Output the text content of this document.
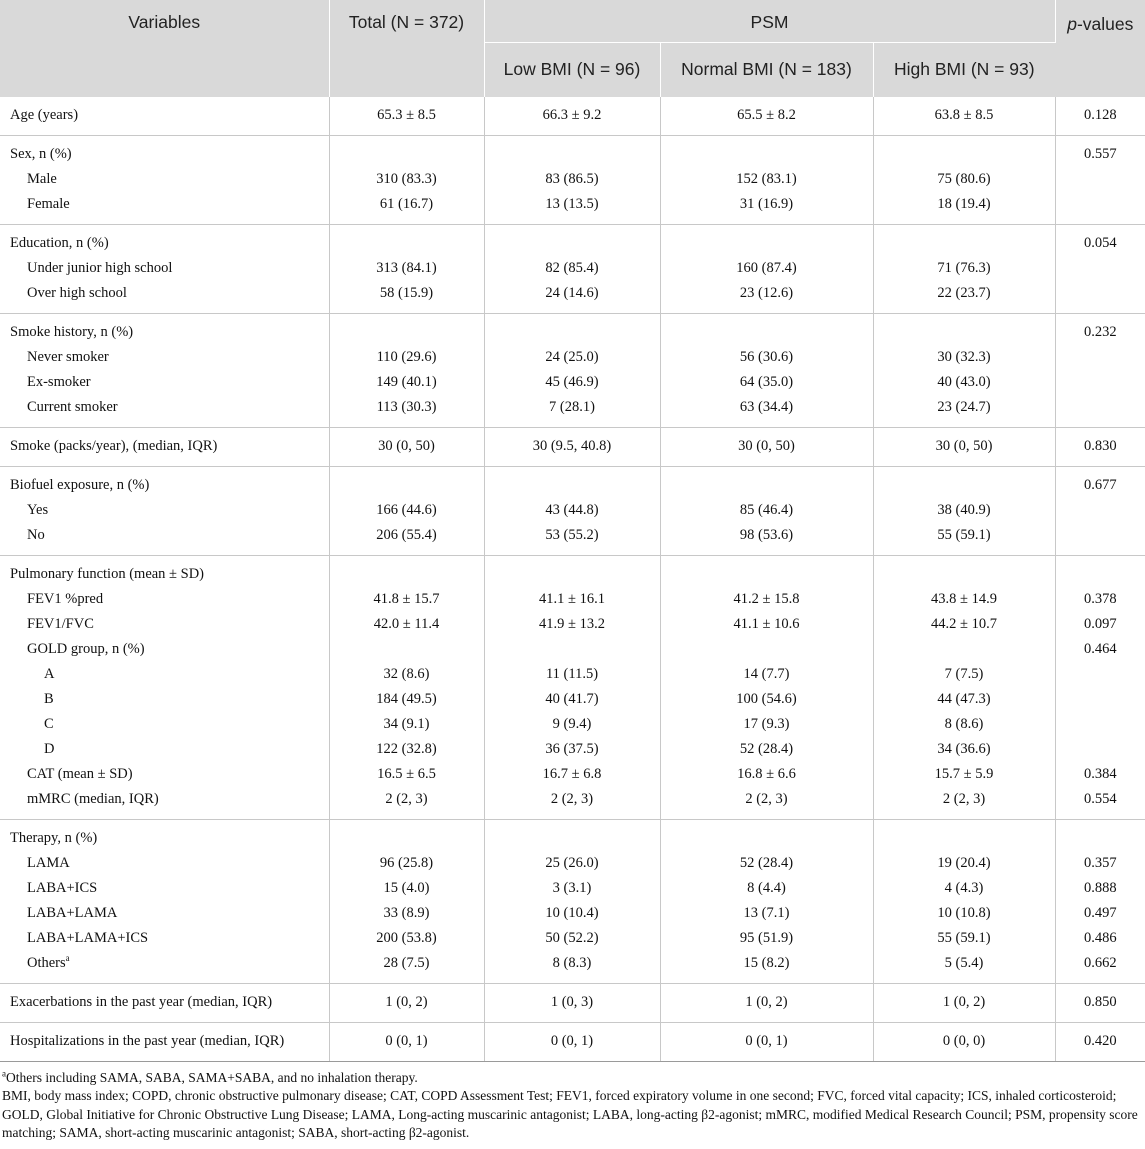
Variables	Total (N = 372)	PSM			p-values

		Low BMI (N = 96)	Normal BMI (N = 183)	High BMI (N = 93)	
Age (years)	65.3 ± 8.5	66.3 ± 9.2	65.5 ± 8.2	63.8 ± 8.5	0.128
Sex, n (%)					0.557
Male	310 (83.3)	83 (86.5)	152 (83.1)	75 (80.6)	
Female	61 (16.7)	13 (13.5)	31 (16.9)	18 (19.4)	
Education, n (%)					0.054
Under junior high school	313 (84.1)	82 (85.4)	160 (87.4)	71 (76.3)	
Over high school	58 (15.9)	24 (14.6)	23 (12.6)	22 (23.7)	
Smoke history, n (%)					0.232
Never smoker	110 (29.6)	24 (25.0)	56 (30.6)	30 (32.3)	
Ex-smoker	149 (40.1)	45 (46.9)	64 (35.0)	40 (43.0)	
Current smoker	113 (30.3)	7 (28.1)	63 (34.4)	23 (24.7)	
Smoke (packs/year), (median, IQR)	30 (0, 50)	30 (9.5, 40.8)	30 (0, 50)	30 (0, 50)	0.830
Biofuel exposure, n (%)					0.677
Yes	166 (44.6)	43 (44.8)	85 (46.4)	38 (40.9)	
No	206 (55.4)	53 (55.2)	98 (53.6)	55 (59.1)	
Pulmonary function (mean ± SD)					
FEV1 %pred	41.8 ± 15.7	41.1 ± 16.1	41.2 ± 15.8	43.8 ± 14.9	0.378
FEV1/FVC	42.0 ± 11.4	41.9 ± 13.2	41.1 ± 10.6	44.2 ± 10.7	0.097
GOLD group, n (%)					0.464
A	32 (8.6)	11 (11.5)	14 (7.7)	7 (7.5)	
B	184 (49.5)	40 (41.7)	100 (54.6)	44 (47.3)	
C	34 (9.1)	9 (9.4)	17 (9.3)	8 (8.6)	
D	122 (32.8)	36 (37.5)	52 (28.4)	34 (36.6)	
CAT (mean ± SD)	16.5 ± 6.5	16.7 ± 6.8	16.8 ± 6.6	15.7 ± 5.9	0.384
mMRC (median, IQR)	2 (2, 3)	2 (2, 3)	2 (2, 3)	2 (2, 3)	0.554
Therapy, n (%)					
LAMA	96 (25.8)	25 (26.0)	52 (28.4)	19 (20.4)	0.357
LABA+ICS	15 (4.0)	3 (3.1)	8 (4.4)	4 (4.3)	0.888
LABA+LAMA	33 (8.9)	10 (10.4)	13 (7.1)	10 (10.8)	0.497
LABA+LAMA+ICS	200 (53.8)	50 (52.2)	95 (51.9)	55 (59.1)	0.486
Others$^a$	28 (7.5)	8 (8.3)	15 (8.2)	5 (5.4)	0.662
Exacerbations in the past year (median, IQR)	1 (0, 2)	1 (0, 3)	1 (0, 2)	1 (0, 2)	0.850
Hospitalizations in the past year (median, IQR)	0 (0, 1)	0 (0, 1)	0 (0, 1)	0 (0, 0)	0.420
$^a$Others including SAMA, SABA, SAMA+SABA, and no inhalation therapy.
BMI, body mass index; COPD, chronic obstructive pulmonary disease; CAT, COPD Assessment Test; FEV1, forced expiratory volume in one second; FVC, forced vital capacity; ICS, inhaled corticosteroid; GOLD, Global Initiative for Chronic Obstructive Lung Disease; LAMA, Long-acting muscarinic antagonist; LABA, long-acting β2-agonist; mMRC, modified Medical Research Council; PSM, propensity score matching; SAMA, short-acting muscarinic antagonist; SABA, short-acting β2-agonist.
